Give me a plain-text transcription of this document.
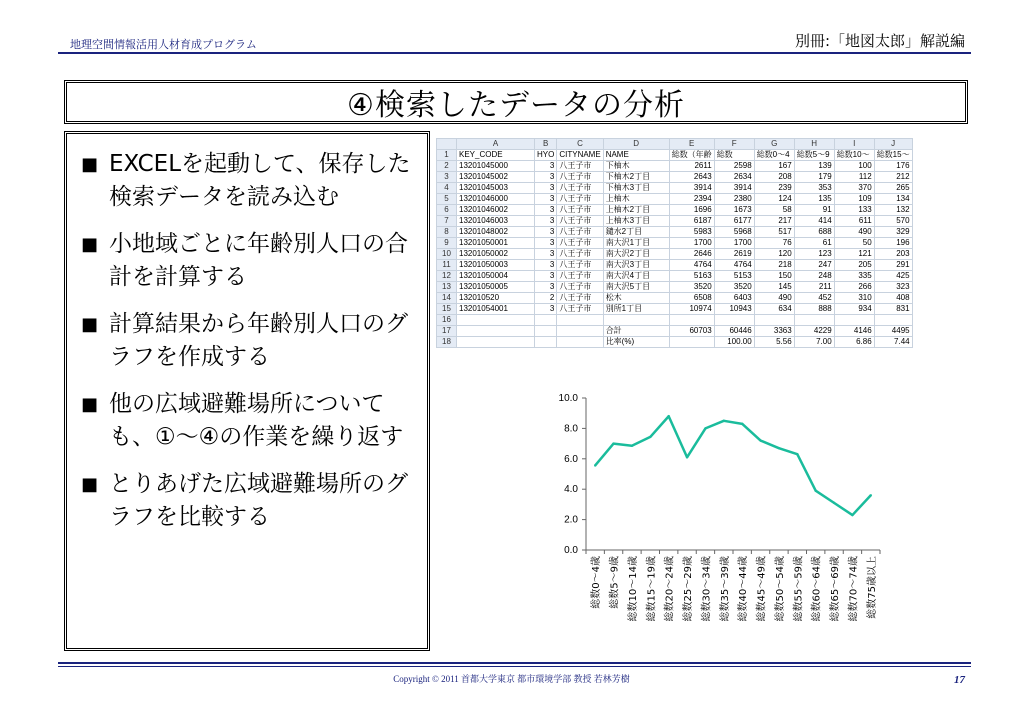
地理空間情報活用人材育成プログラム	別冊:「地図太郎」解説編
④検索したデータの分析
■ EXCELを起動して、保存した検索データを読み込む
■ 小地域ごとに年齢別人口の合計を計算する
■ 計算結果から年齢別人口のグラフを作成する
■ 他の広域避難場所についても、①～④の作業を繰り返す
■ とりあげた広域避難場所のグラフを比較する
	A	B	C	D	E	F	G	H	I	J
1	KEY_CODE	HYO	CITYNAME	NAME	総数（年齢	総数	総数0～4	総数5～9	総数10～	総数15～
2	13201045000	3	八王子市	下柚木	2611	2598	167	139	100	176
3	13201045002	3	八王子市	下柚木2丁目	2643	2634	208	179	112	212
4	13201045003	3	八王子市	下柚木3丁目	3914	3914	239	353	370	265
5	13201046000	3	八王子市	上柚木	2394	2380	124	135	109	134
6	13201046002	3	八王子市	上柚木2丁目	1696	1673	58	91	133	132
7	13201046003	3	八王子市	上柚木3丁目	6187	6177	217	414	611	570
8	13201048002	3	八王子市	鑓水2丁目	5983	5968	517	688	490	329
9	13201050001	3	八王子市	南大沢1丁目	1700	1700	76	61	50	196
10	13201050002	3	八王子市	南大沢2丁目	2646	2619	120	123	121	203
11	13201050003	3	八王子市	南大沢3丁目	4764	4764	218	247	205	291
12	13201050004	3	八王子市	南大沢4丁目	5163	5153	150	248	335	425
13	13201050005	3	八王子市	南大沢5丁目	3520	3520	145	211	266	323
14	132010520	2	八王子市	松木	6508	6403	490	452	310	408
15	13201054001	3	八王子市	別所1丁目	10974	10943	634	888	934	831
16										
17				合計	60703	60446	3363	4229	4146	4495
18				比率(%)		100.00	5.56	7.00	6.86	7.44
10.0
8.0
6.0
4.0
2.0
0.0
総数0～4歳 総数5～9歳 総数10～14歳 総数15～19歳 総数20～24歳 総数25～29歳 総数30～34歳 総数35～39歳 総数40～44歳 総数45～49歳 総数50～54歳 総数55～59歳 総数60～64歳 総数65～69歳 総数70～74歳 総数75歳以上
Copyright © 2011 首都大学東京 都市環境学部 教授 若林芳樹	17
